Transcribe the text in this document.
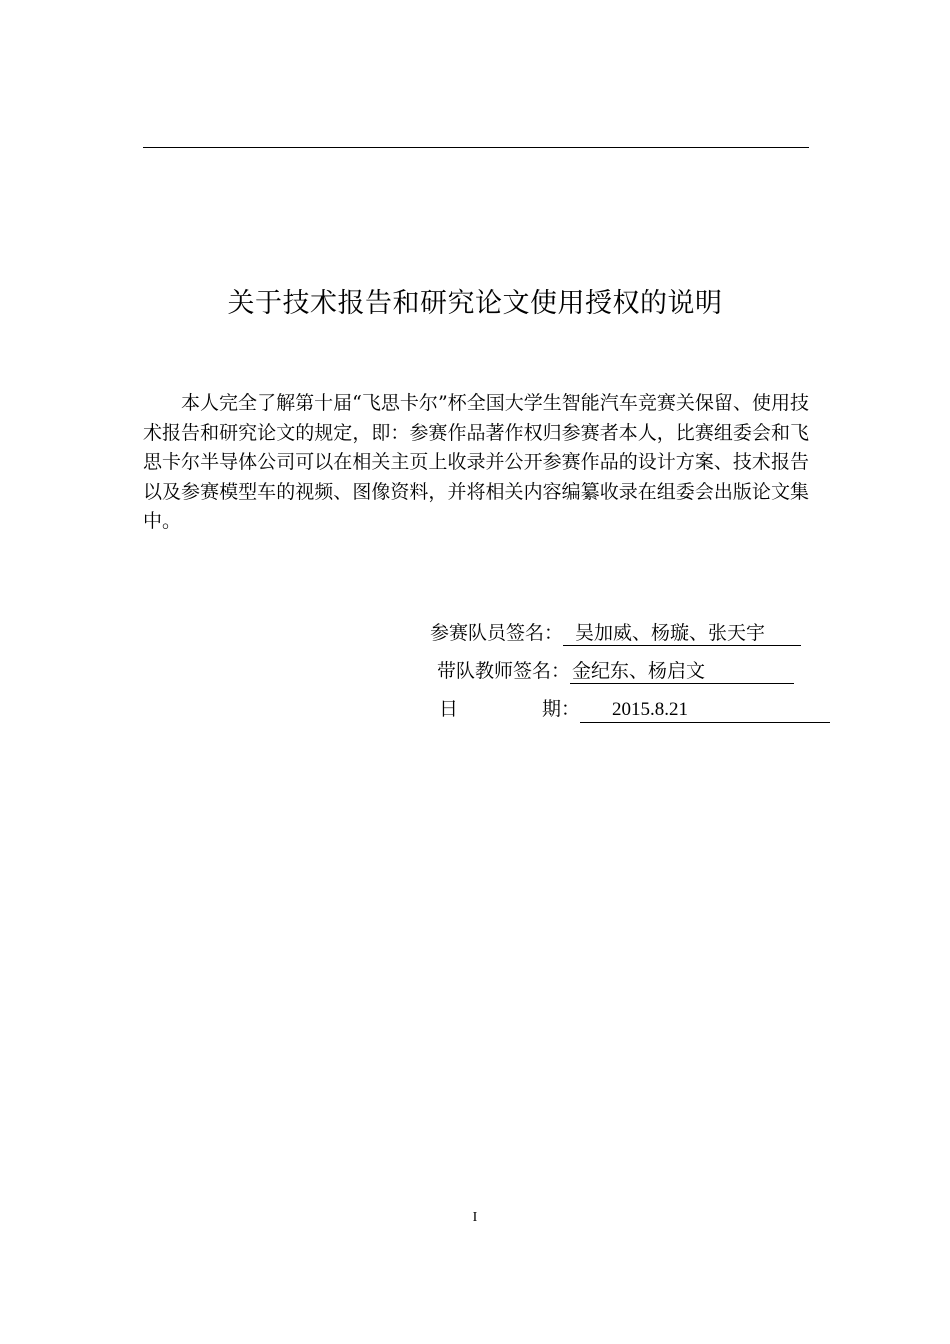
关于技术报告和研究论文使用授权的说明

本人完全了解第十届“飞思卡尔”杯全国大学生智能汽车竞赛关保留、使用技术报告和研究论文的规定，即：参赛作品著作权归参赛者本人，比赛组委会和飞思卡尔半导体公司可以在相关主页上收录并公开参赛作品的设计方案、技术报告以及参赛模型车的视频、图像资料，并将相关内容编纂收录在组委会出版论文集中。

参赛队员签名： 吴加威、杨璇、张天宇
带队教师签名： 金纪东、杨启文
日	期： 2015.8.21
I
